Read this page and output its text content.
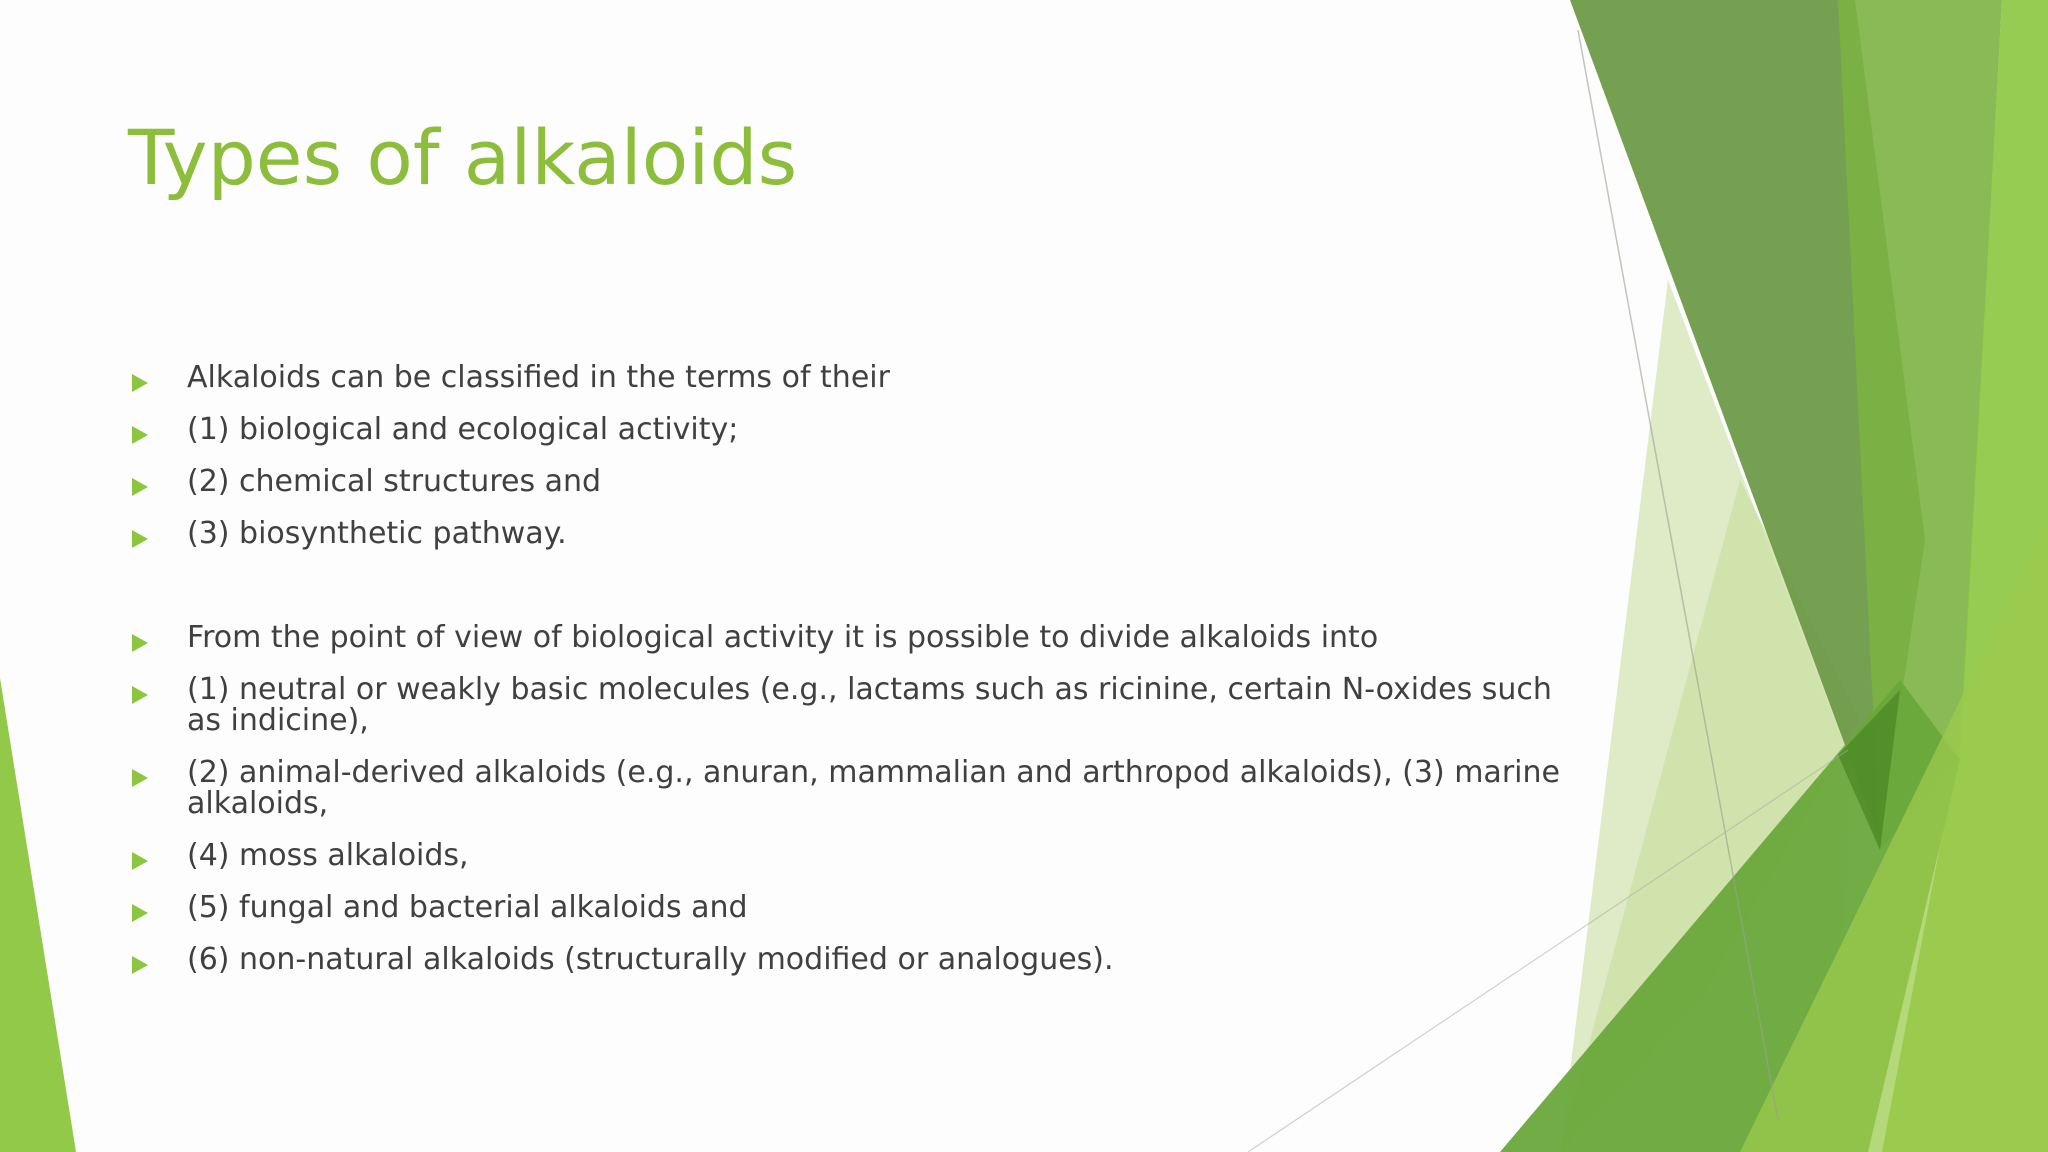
Types of alkaloids
Alkaloids can be classified in the terms of their
(1) biological and ecological activity;
(2) chemical structures and
(3) biosynthetic pathway.
From the point of view of biological activity it is possible to divide alkaloids into
(1) neutral or weakly basic molecules (e.g., lactams such as ricinine, certain N-oxides such as indicine),
(2) animal-derived alkaloids (e.g., anuran, mammalian and arthropod alkaloids), (3) marine alkaloids,
(4) moss alkaloids,
(5) fungal and bacterial alkaloids and
(6) non-natural alkaloids (structurally modified or analogues).
